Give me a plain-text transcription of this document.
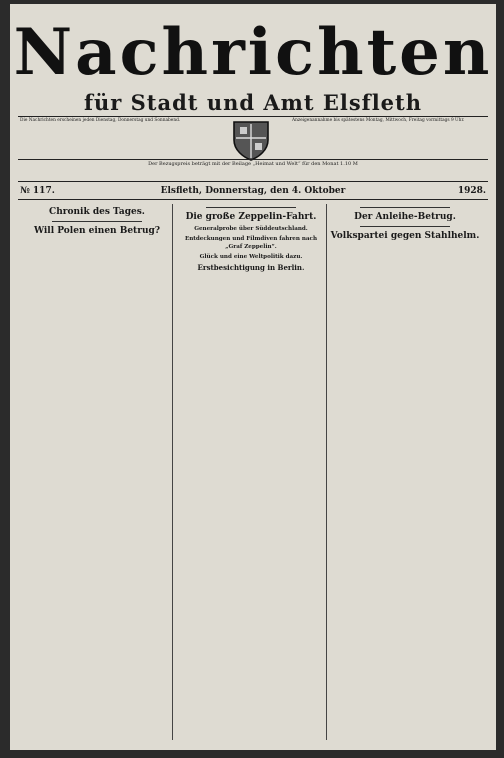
Nachrichten
für Stadt und Amt Elsfleth
Die Nachrichten erscheinen jeden Dienstag, Donnerstag und Sonnabend.	Anzeigenannahme bis spätestens Montag, Mittwoch, Freitag vormittags 9 Uhr.
Der Bezugspreis beträgt mit der Beilage „Heimat und Welt“ für den Monat 1.10 M
№ 117.	Elsfleth, Donnerstag, den 4. Oktober	1928.
Chronik des Tages.

Will Polen einen Betrug?

Die große Zeppelin-Fahrt.
Generalprobe über Süddeutschland.

Entdeckungen und Filmdiven fahren nach „Graf Zeppelin“.

Glück und eine Weltpolitik dazu.

Erstbesichtigung in Berlin.

Der Anleihe-Betrug.

Volkspartei gegen Stahlhelm.
